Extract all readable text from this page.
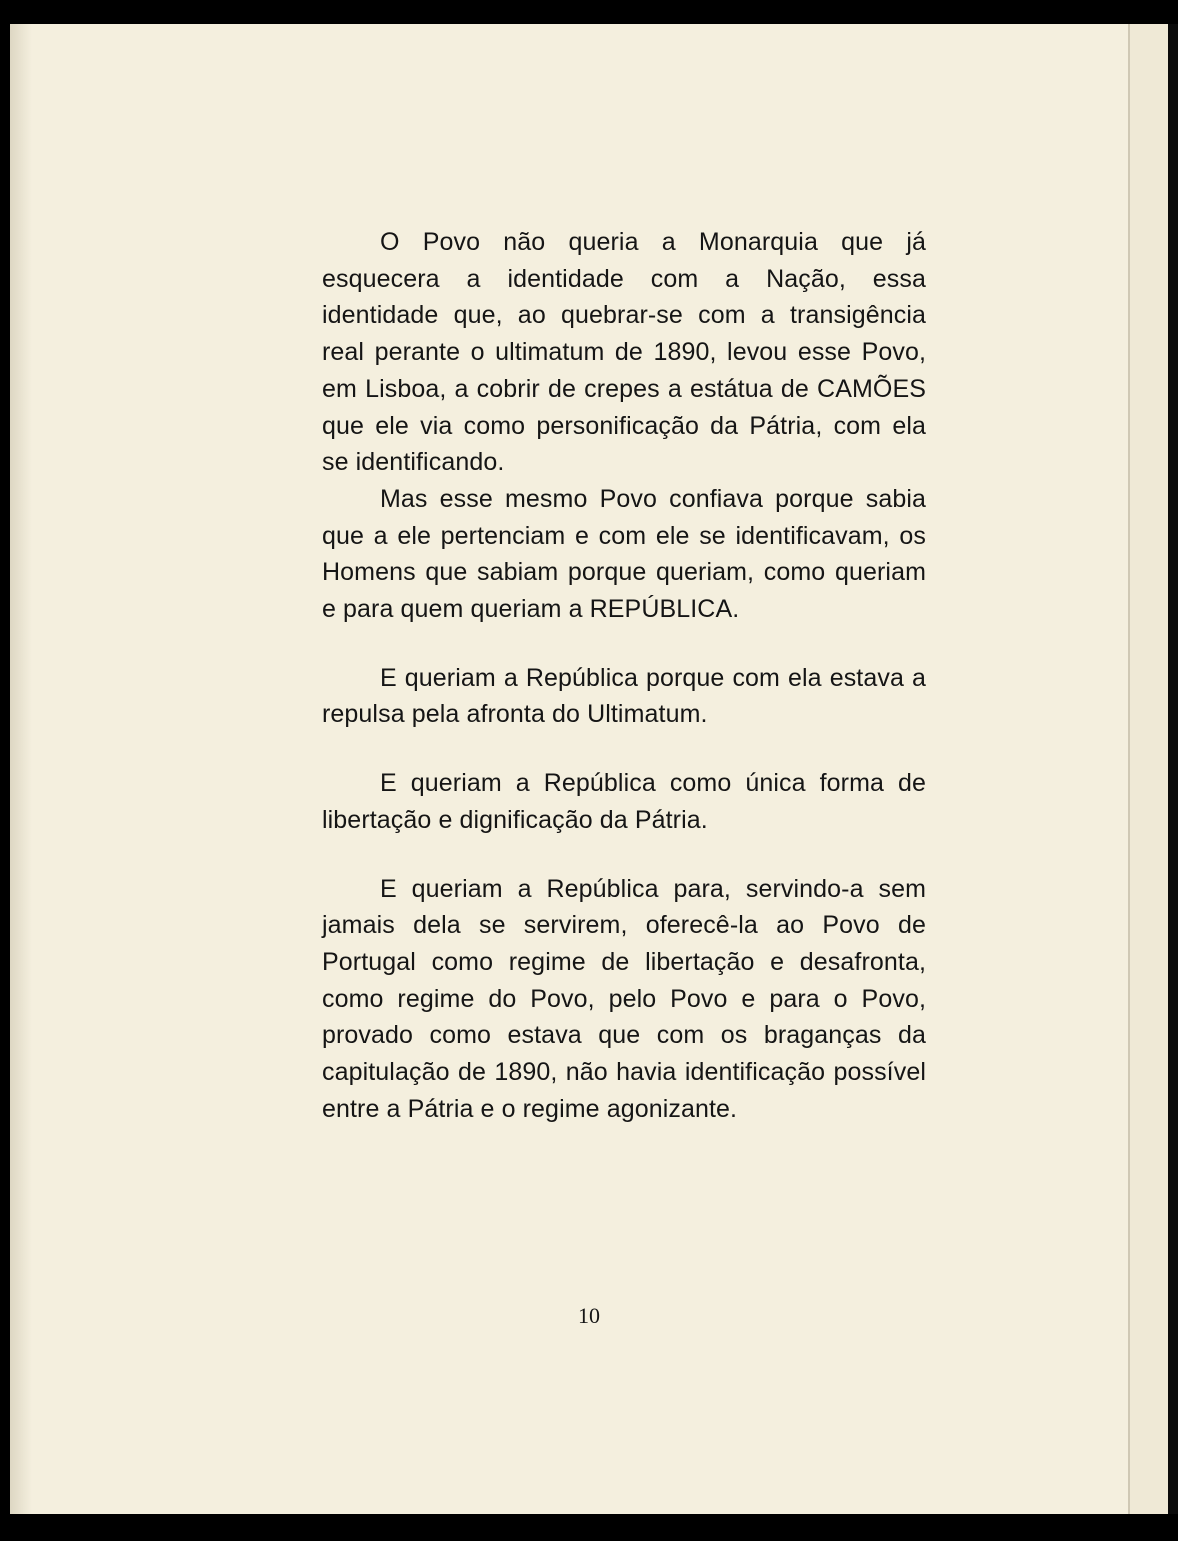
O Povo não queria a Monarquia que já esquecera a identidade com a Nação, essa identidade que, ao quebrar-se com a transigência real perante o ultimatum de 1890, levou esse Povo, em Lisboa, a cobrir de crepes a estátua de CAMÕES que ele via como personificação da Pátria, com ela se identificando.

Mas esse mesmo Povo confiava porque sabia que a ele pertenciam e com ele se identificavam, os Homens que sabiam porque queriam, como queriam e para quem queriam a REPÚBLICA.

E queriam a República porque com ela estava a repulsa pela afronta do Ultimatum.

E queriam a República como única forma de libertação e dignificação da Pátria.

E queriam a República para, servindo-a sem jamais dela se servirem, oferecê-la ao Povo de Portugal como regime de libertação e desafronta, como regime do Povo, pelo Povo e para o Povo, provado como estava que com os braganças da capitulação de 1890, não havia identificação possível entre a Pátria e o regime agonizante.

10
